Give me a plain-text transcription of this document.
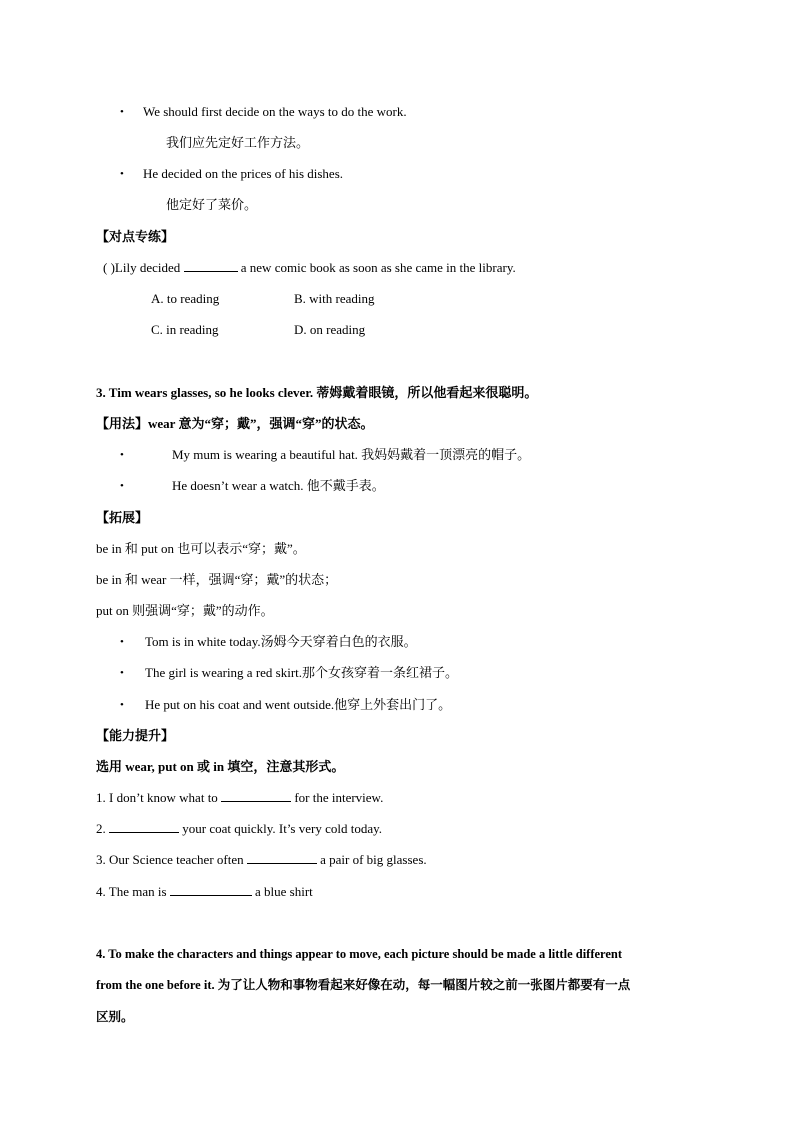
• We should first decide on the ways to do the work.
我们应先定好工作方法。
• He decided on the prices of his dishes.
他定好了菜价。
【对点专练】
( )Lily decided	a new comic book as soon as she came in the library.
A. to reading	B. with reading
C. in reading	D. on reading
3. Tim wears glasses, so he looks clever. 蒂姆戴着眼镜，所以他看起来很聪明。
【用法】wear 意为“穿；戴”，强调“穿”的状态。
•	My mum is wearing a beautiful hat. 我妈妈戴着一顶漂亮的帽子。
•	He doesn’t wear a watch. 他不戴手表。
【拓展】
be in 和 put on 也可以表示“穿；戴”。
be in 和 wear 一样，强调“穿；戴”的状态；
put on 则强调“穿；戴”的动作。
• Tom is in white today.汤姆今天穿着白色的衣服。
• The girl is wearing a red skirt.那个女孩穿着一条红裙子。
• He put on his coat and went outside.他穿上外套出门了。
【能力提升】
选用 wear, put on 或 in 填空，注意其形式。
1. I don’t know what to	for the interview.
2.	your coat quickly. It’s very cold today.
3. Our Science teacher often	a pair of big glasses.
4. The man is	a blue shirt
4. To make the characters and things appear to move, each picture should be made a little different
from the one before it. 为了让人物和事物看起来好像在动，每一幅图片较之前一张图片都要有一点
区别。
